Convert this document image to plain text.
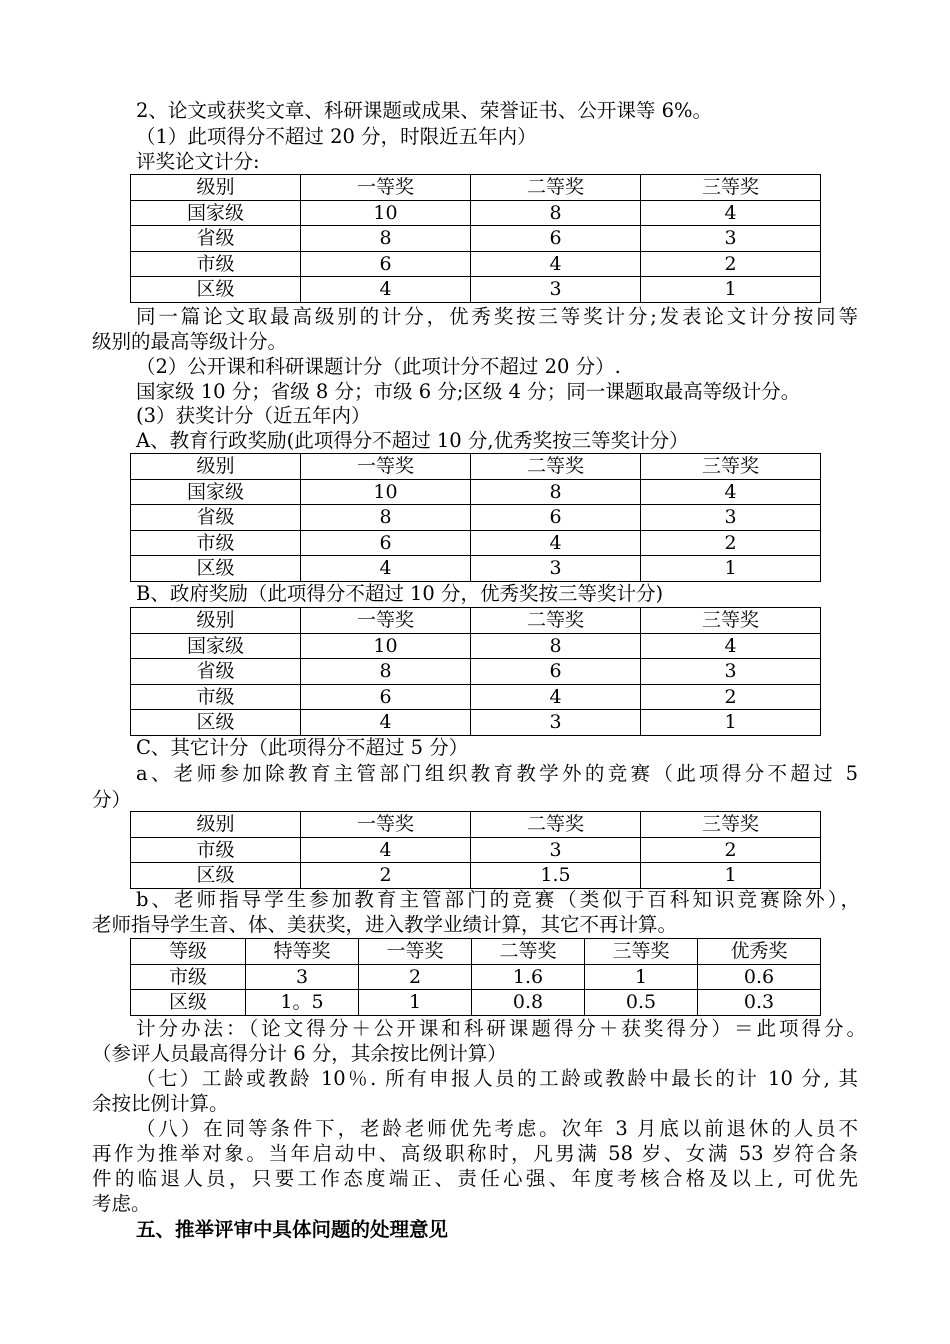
2、论文或获奖文章、科研课题或成果、荣誉证书、公开课等 6%。
（1）此项得分不超过 20 分，时限近五年内）
评奖论文计分:
级别	一等奖	二等奖	三等奖
国家级	10	8	4
省级	8	6	3
市级	6	4	2
区级	4	3	1
同一篇论文取最高级别的计分，优秀奖按三等奖计分;发表论文计分按同等
级别的最高等级计分。
（2）公开课和科研课题计分（此项计分不超过 20 分）.
国家级 10 分；省级 8 分；市级 6 分;区级 4 分；同一课题取最高等级计分。
(3）获奖计分（近五年内）
A、教育行政奖励(此项得分不超过 10 分,优秀奖按三等奖计分）
级别	一等奖	二等奖	三等奖
国家级	10	8	4
省级	8	6	3
市级	6	4	2
区级	4	3	1
B、政府奖励（此项得分不超过 10 分，优秀奖按三等奖计分)
级别	一等奖	二等奖	三等奖
国家级	10	8	4
省级	8	6	3
市级	6	4	2
区级	4	3	1
C、其它计分（此项得分不超过 5 分）
a、老师参加除教育主管部门组织教育教学外的竞赛（此项得分不超过 5
分）
级别	一等奖	二等奖	三等奖
市级	4	3	2
区级	2	1.5	1
b、老师指导学生参加教育主管部门的竞赛（类似于百科知识竞赛除外），
老师指导学生音、体、美获奖，进入教学业绩计算，其它不再计算。
等级	特等奖	一等奖	二等奖	三等奖	优秀奖
市级	3	2	1.6	1	0.6
区级	1。5	1	0.8	0.5	0.3
计分办法：（论文得分＋公开课和科研课题得分＋获奖得分）＝此项得分。
（参评人员最高得分计 6 分，其余按比例计算）
（七）工龄或教龄 10％. 所有申报人员的工龄或教龄中最长的计 10 分, 其
余按比例计算。
（八）在同等条件下，老龄老师优先考虑。次年 3 月底以前退休的人员不
再作为推举对象。当年启动中、高级职称时，凡男满 58 岁、女满 53 岁符合条
件的临退人员，只要工作态度端正、责任心强、年度考核合格及以上, 可优先
考虑。
五、推举评审中具体问题的处理意见
